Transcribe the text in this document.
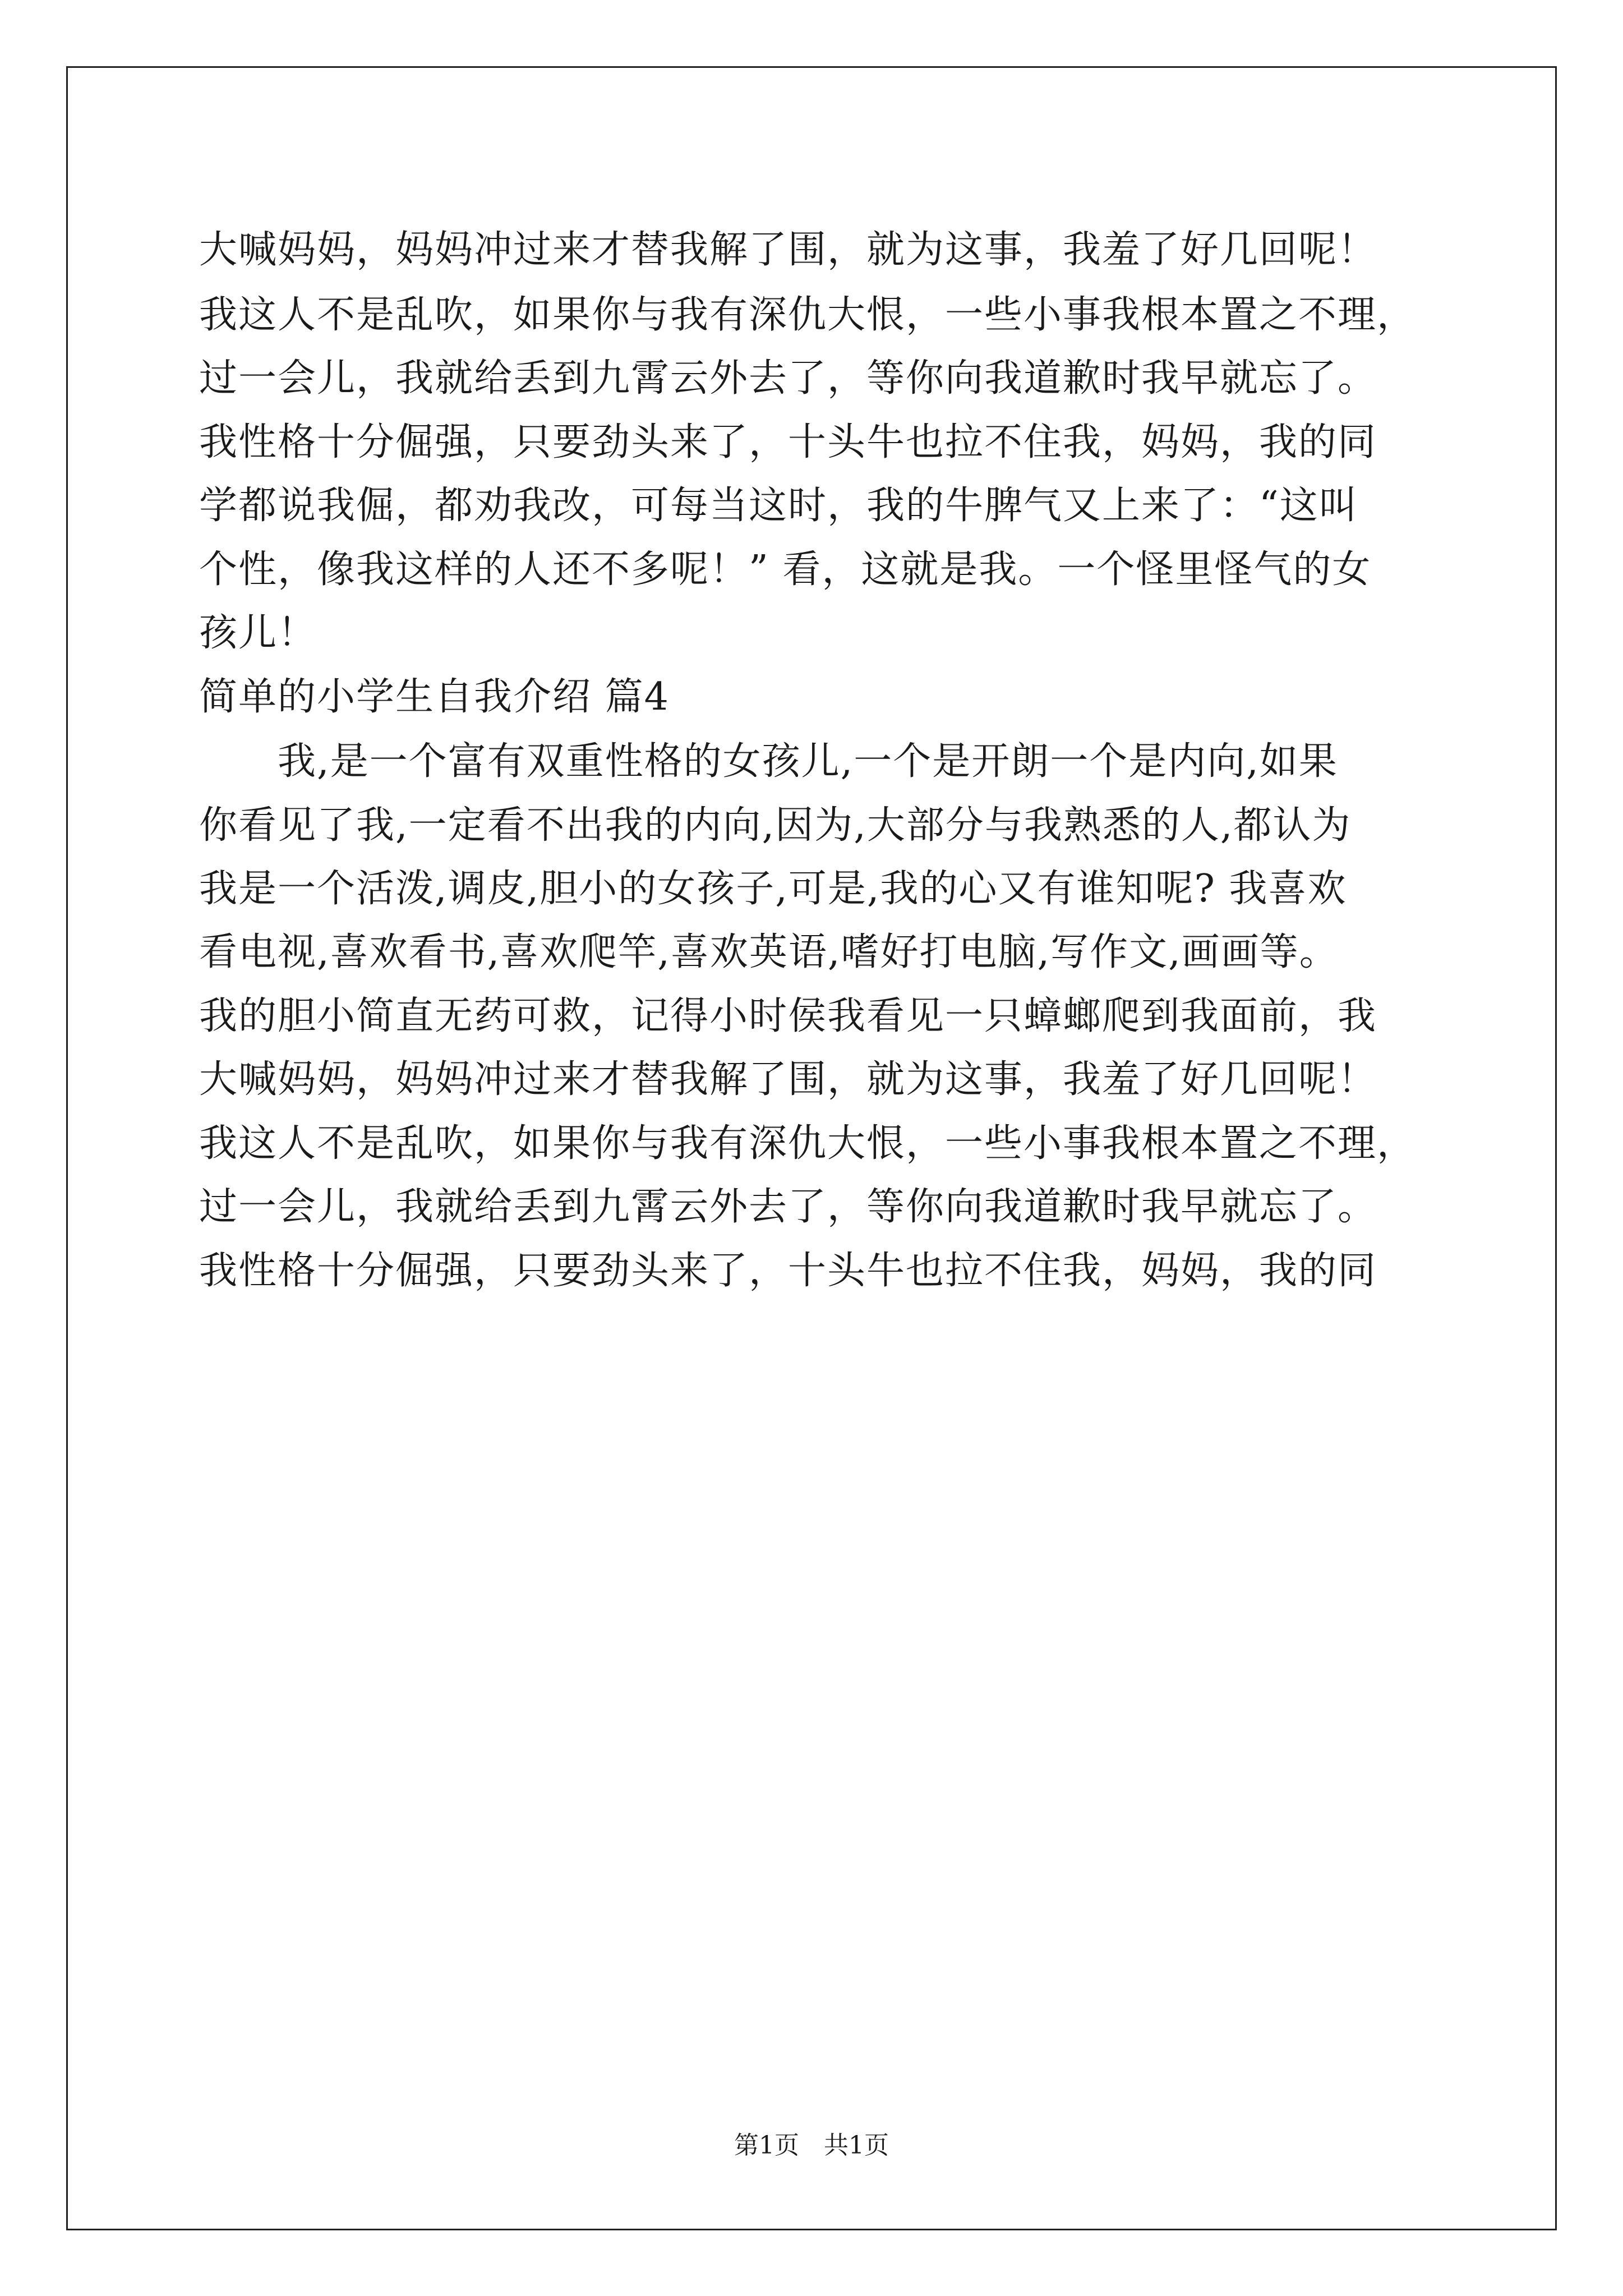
大喊妈妈，妈妈冲过来才替我解了围，就为这事，我羞了好几回呢！
我这人不是乱吹，如果你与我有深仇大恨，一些小事我根本置之不理，
过一会儿，我就给丢到九霄云外去了，等你向我道歉时我早就忘了。
我性格十分倔强，只要劲头来了，十头牛也拉不住我，妈妈，我的同
学都说我倔，都劝我改，可每当这时，我的牛脾气又上来了：“这叫
个性，像我这样的人还不多呢！” 看，这就是我。一个怪里怪气的女
孩儿！
简单的小学生自我介绍 篇4
　　我,是一个富有双重性格的女孩儿,一个是开朗一个是内向,如果
你看见了我,一定看不出我的内向,因为,大部分与我熟悉的人,都认为
我是一个活泼,调皮,胆小的女孩子,可是,我的心又有谁知呢? 我喜欢
看电视,喜欢看书,喜欢爬竿,喜欢英语,嗜好打电脑,写作文,画画等。
我的胆小简直无药可救，记得小时侯我看见一只蟑螂爬到我面前，我
大喊妈妈，妈妈冲过来才替我解了围，就为这事，我羞了好几回呢！
我这人不是乱吹，如果你与我有深仇大恨，一些小事我根本置之不理，
过一会儿，我就给丢到九霄云外去了，等你向我道歉时我早就忘了。
我性格十分倔强，只要劲头来了，十头牛也拉不住我，妈妈，我的同
第1页　共1页
